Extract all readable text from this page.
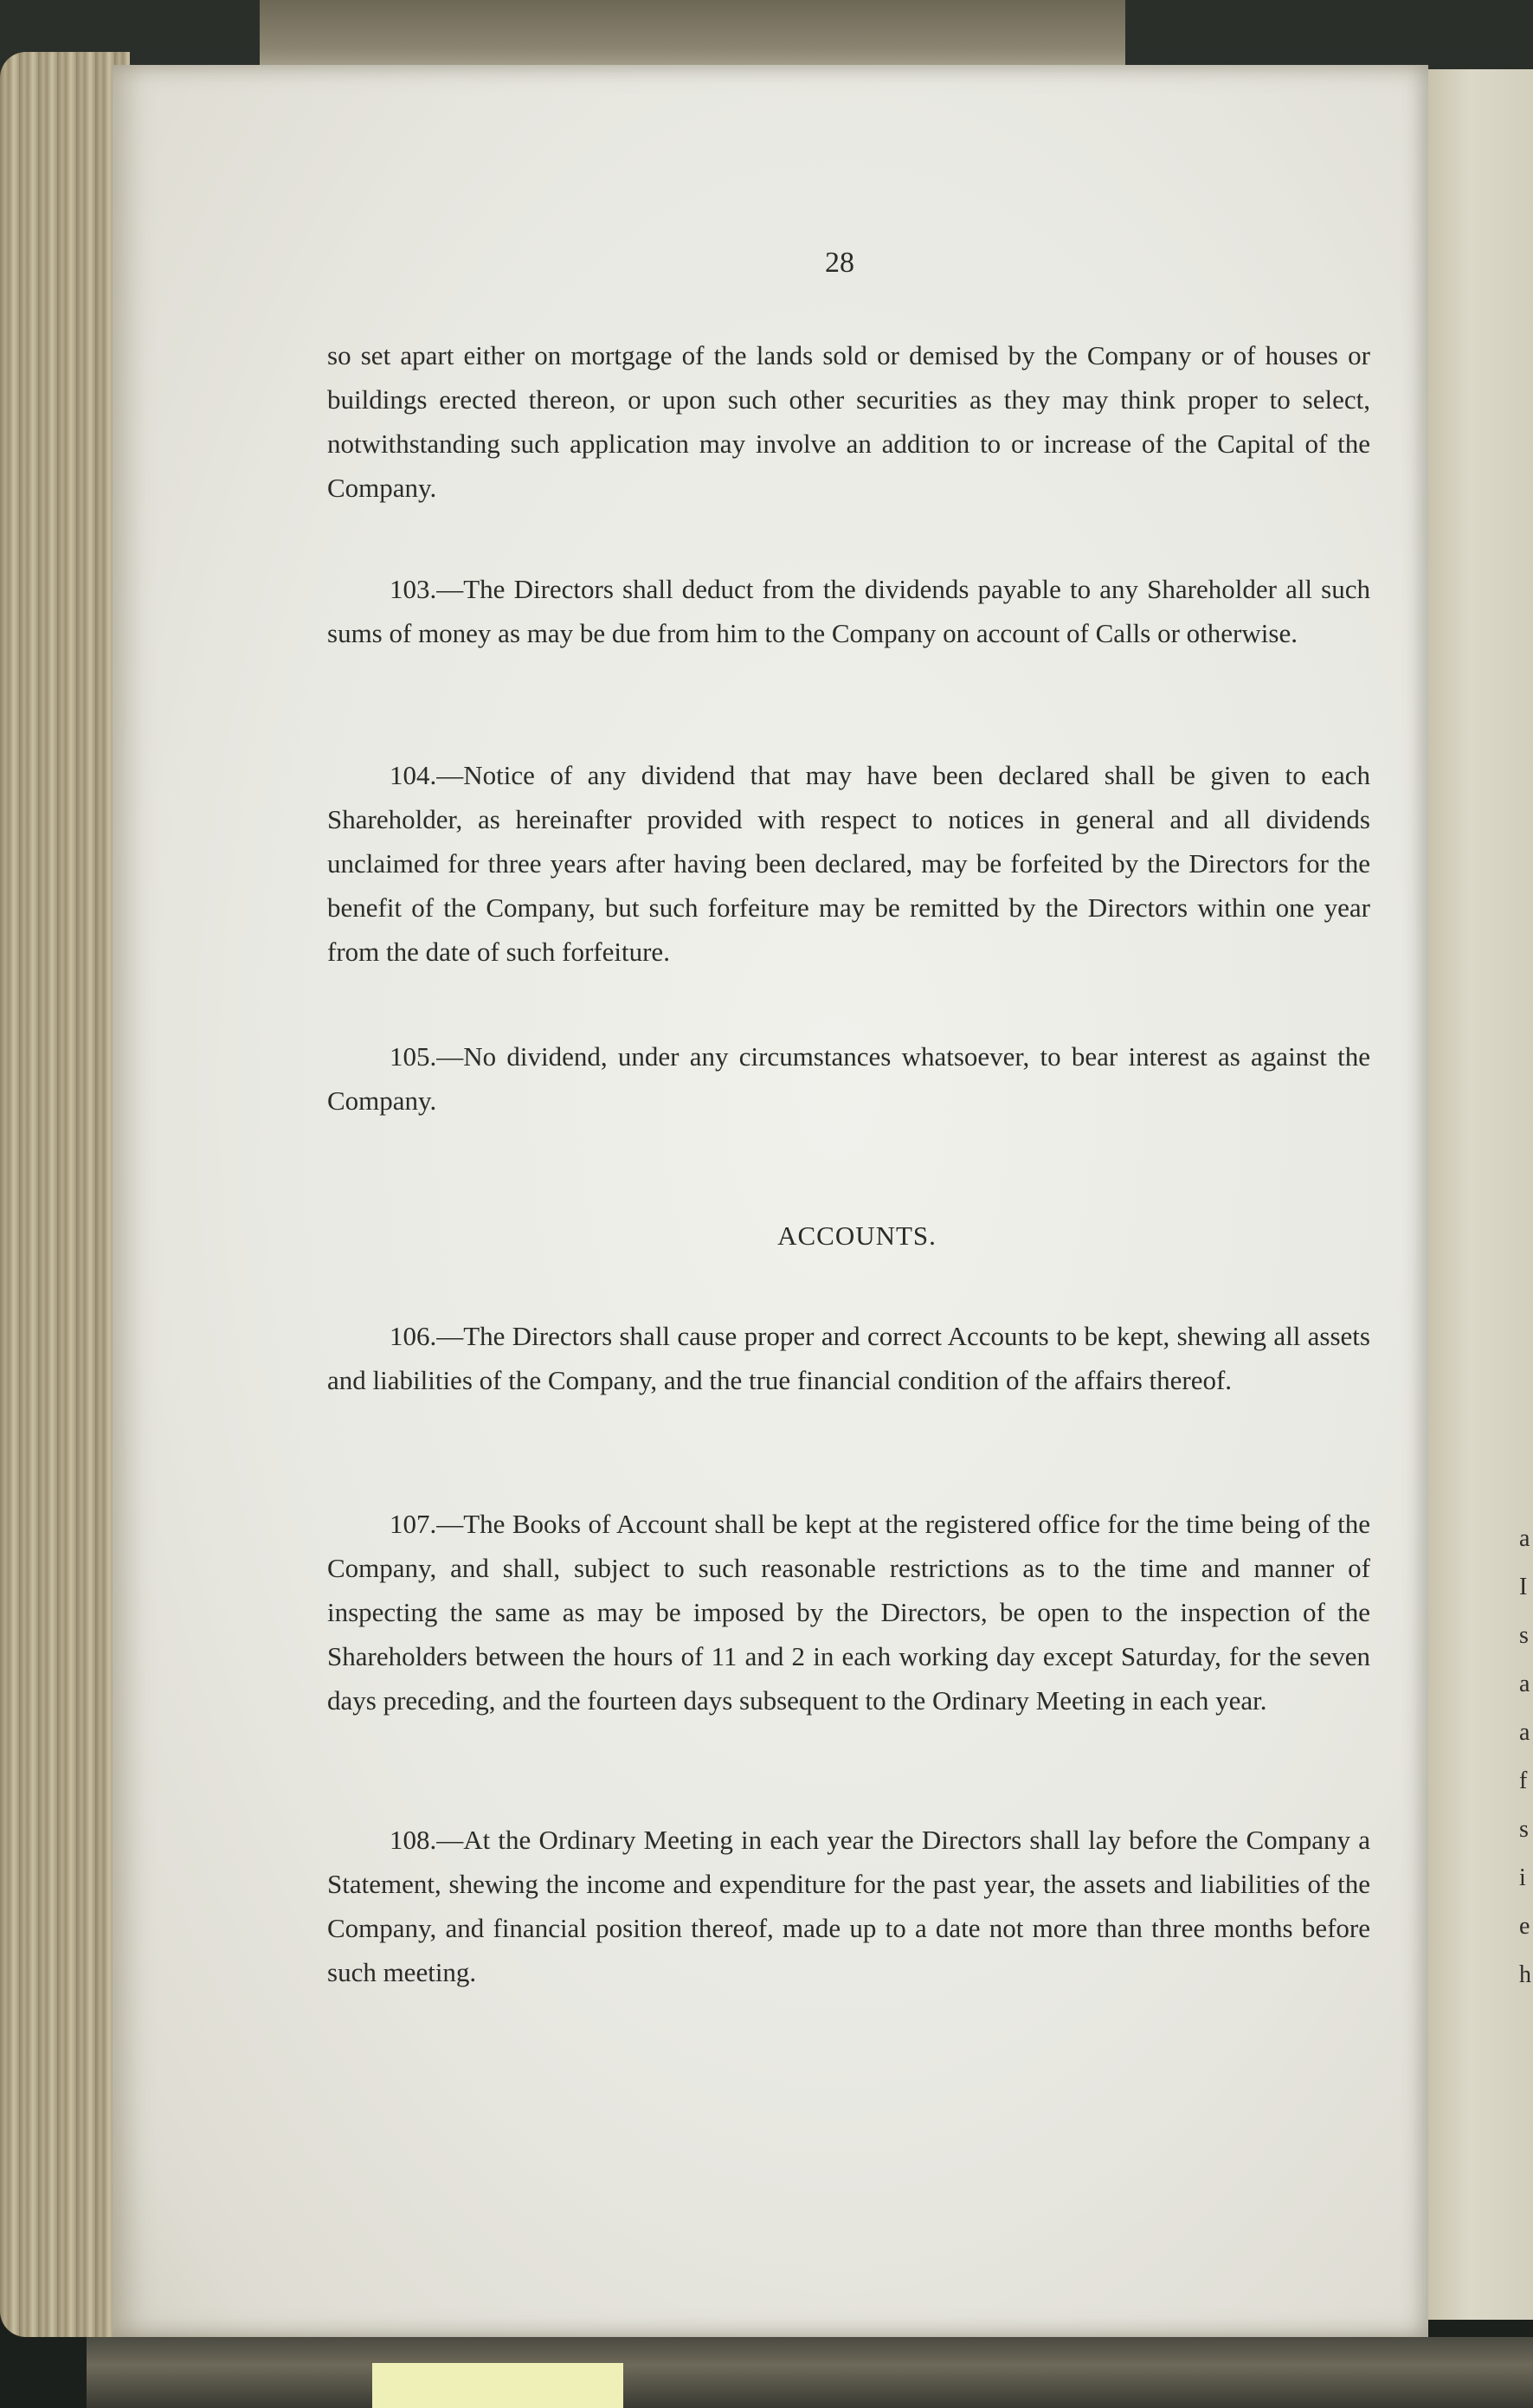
a
I
s
a
a
f
s
i
e
h
28
so set apart either on mortgage of the lands sold or demised by the Company or of houses or buildings erected thereon, or upon such other securities as they may think proper to select, notwithstanding such application may involve an addition to or increase of the Capital of the Company.
103.—The Directors shall deduct from the dividends payable to any Shareholder all such sums of money as may be due from him to the Company on account of Calls or otherwise.
104.—Notice of any dividend that may have been declared shall be given to each Shareholder, as hereinafter provided with respect to notices in general and all dividends unclaimed for three years after having been declared, may be forfeited by the Directors for the benefit of the Company, but such forfeiture may be remitted by the Directors within one year from the date of such forfeiture.
105.—No dividend, under any circumstances whatsoever, to bear interest as against the Company.
ACCOUNTS.
106.—The Directors shall cause proper and correct Accounts to be kept, shewing all assets and liabilities of the Company, and the true financial condition of the affairs thereof.
107.—The Books of Account shall be kept at the registered office for the time being of the Company, and shall, subject to such reasonable restrictions as to the time and manner of inspecting the same as may be imposed by the Directors, be open to the inspection of the Shareholders between the hours of 11 and 2 in each working day except Saturday, for the seven days preceding, and the fourteen days subsequent to the Ordinary Meeting in each year.
108.—At the Ordinary Meeting in each year the Directors shall lay before the Company a Statement, shewing the income and expenditure for the past year, the assets and liabilities of the Company, and financial position thereof, made up to a date not more than three months before such meeting.
